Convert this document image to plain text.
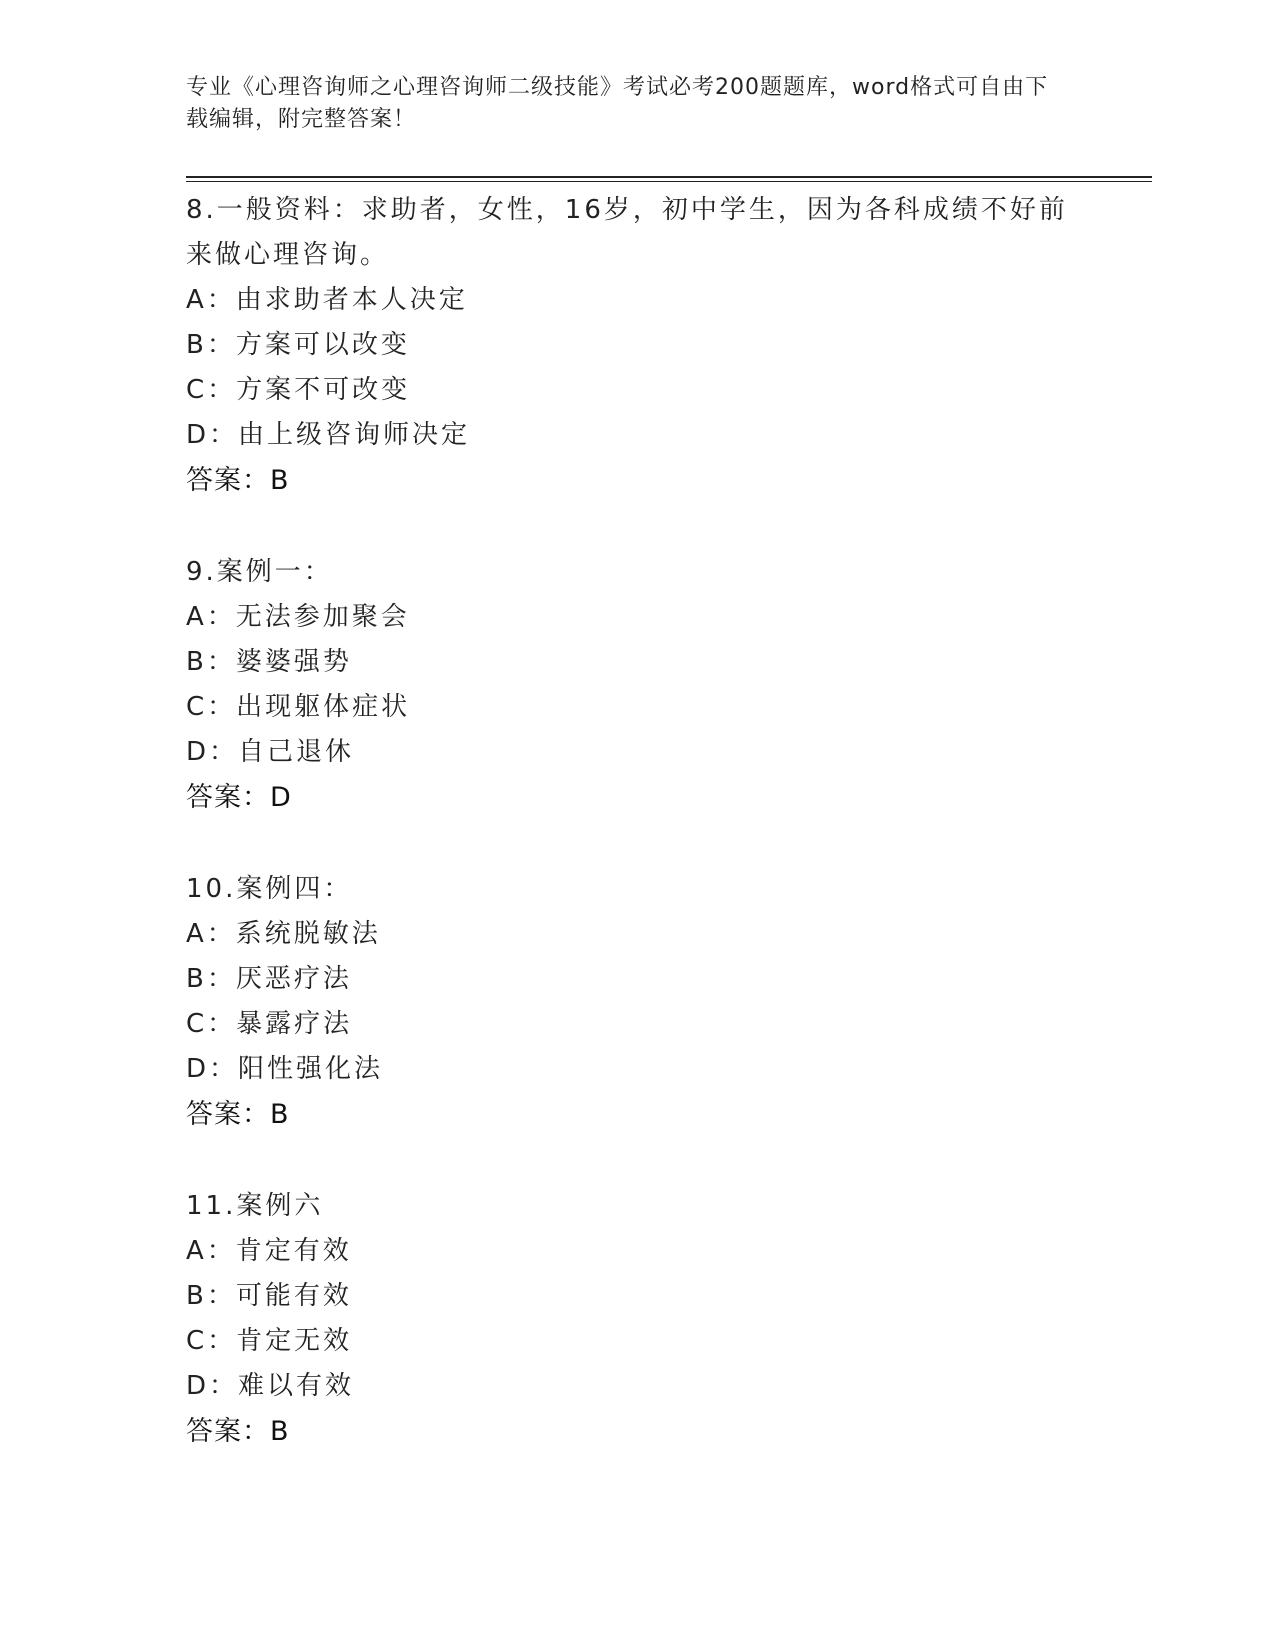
专业《心理咨询师之心理咨询师二级技能》考试必考200题题库，word格式可自由下载编辑，附完整答案！
8.一般资料：求助者，女性，16岁，初中学生，因为各科成绩不好前来做心理咨询。
A：由求助者本人决定
B：方案可以改变
C：方案不可改变
D：由上级咨询师决定
答案：B
9.案例一：
A：无法参加聚会
B：婆婆强势
C：出现躯体症状
D：自己退休
答案：D
10.案例四：
A：系统脱敏法
B：厌恶疗法
C：暴露疗法
D：阳性强化法
答案：B
11.案例六
A：肯定有效
B：可能有效
C：肯定无效
D：难以有效
答案：B
